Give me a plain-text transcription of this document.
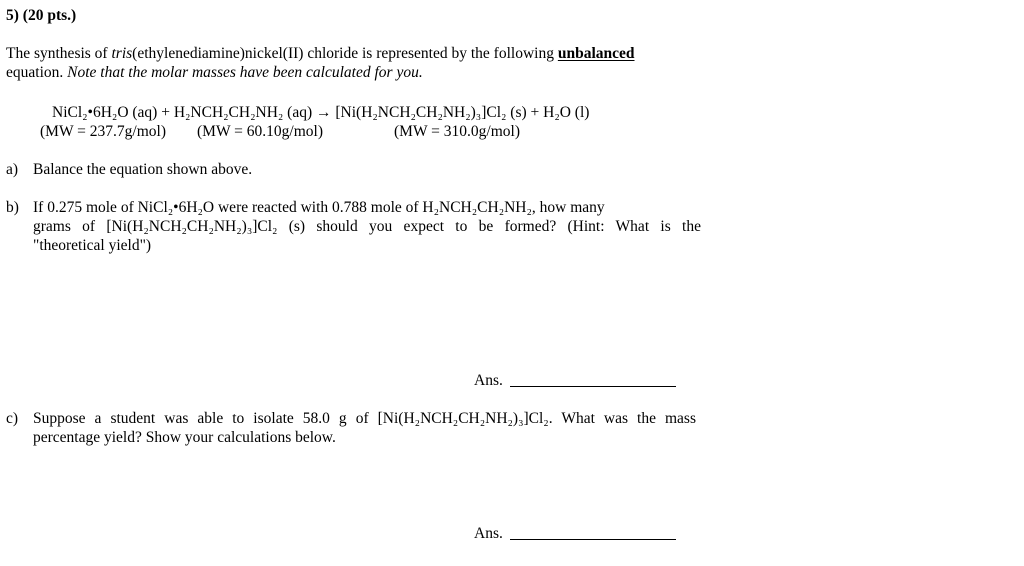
5) (20 pts.)
The synthesis of tris(ethylenediamine)nickel(II) chloride is represented by the following unbalanced
equation. Note that the molar masses have been calculated for you.
NiCl₂•6H₂O (aq) + H₂NCH₂CH₂NH₂ (aq) → [Ni(H₂NCH₂CH₂NH₂)₃]Cl₂ (s) + H₂O (l)
(MW = 237.7g/mol) (MW = 60.10g/mol)	(MW = 310.0g/mol)
a) Balance the equation shown above.
b) If 0.275 mole of NiCl₂•6H₂O were reacted with 0.788 mole of H₂NCH₂CH₂NH₂, how many
grams of [Ni(H₂NCH₂CH₂NH₂)₃]Cl₂ (s) should you expect to be formed? (Hint: What is the
"theoretical yield")
Ans.
c) Suppose a student was able to isolate 58.0 g of [Ni(H₂NCH₂CH₂NH₂)₃]Cl₂. What was the mass
percentage yield? Show your calculations below.
Ans.
